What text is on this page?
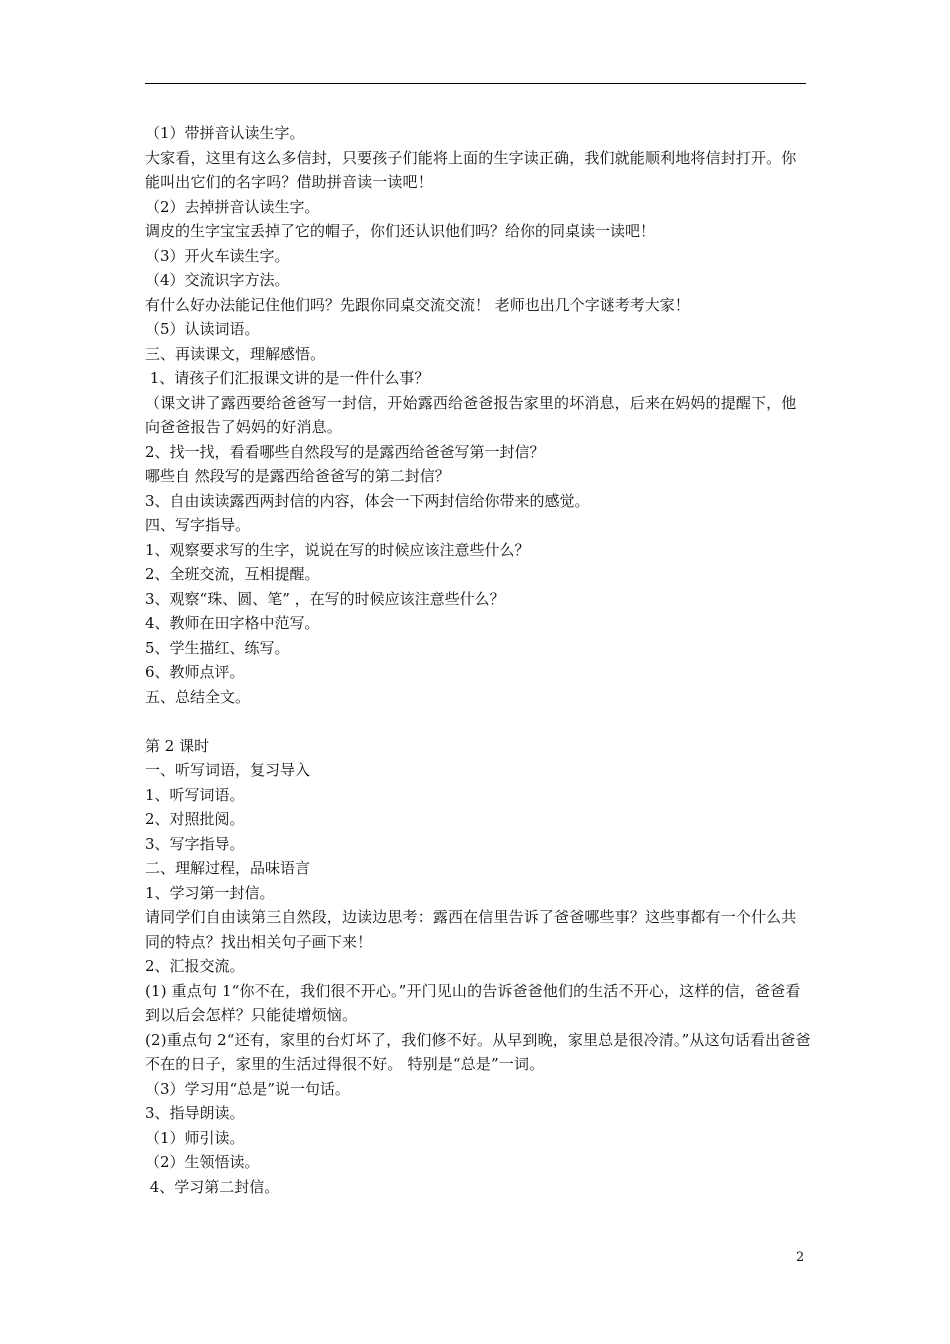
（1）带拼音认读生字。
大家看，这里有这么多信封，只要孩子们能将上面的生字读正确，我们就能顺利地将信封打开。你能叫出它们的名字吗？借助拼音读一读吧！
（2）去掉拼音认读生字。
调皮的生字宝宝丢掉了它的帽子，你们还认识他们吗？给你的同桌读一读吧！
（3）开火车读生字。
（4）交流识字方法。
有什么好办法能记住他们吗？先跟你同桌交流交流！ 老师也出几个字谜考考大家！
（5）认读词语。
三、再读课文，理解感悟。
1、请孩子们汇报课文讲的是一件什么事？
（课文讲了露西要给爸爸写一封信，开始露西给爸爸报告家里的坏消息，后来在妈妈的提醒下，他向爸爸报告了妈妈的好消息。
2、找一找，看看哪些自然段写的是露西给爸爸写第一封信？
哪些自 然段写的是露西给爸爸写的第二封信？
3、自由读读露西两封信的内容，体会一下两封信给你带来的感觉。
四、写字指导。
1、观察要求写的生字，说说在写的时候应该注意些什么？
2、全班交流，互相提醒。
3、观察“珠、圆、笔” ，在写的时候应该注意些什么？
4、教师在田字格中范写。
5、学生描红、练写。
6、教师点评。
五、总结全文。
第 2 课时
一、听写词语，复习导入
1、听写词语。
2、对照批阅。
3、写字指导。
二、理解过程，品味语言
1、学习第一封信。
请同学们自由读第三自然段，边读边思考：露西在信里告诉了爸爸哪些事？这些事都有一个什么共同的特点？找出相关句子画下来！
2、汇报交流。
(1) 重点句 1“你不在，我们很不开心。”开门见山的告诉爸爸他们的生活不开心，这样的信，爸爸看到以后会怎样？只能徒增烦恼。
(2)重点句 2“还有，家里的台灯坏了，我们修不好。从早到晚，家里总是很冷清。”从这句话看出爸爸不在的日子，家里的生活过得很不好。 特别是“总是”一词。
（3）学习用“总是”说一句话。
3、指导朗读。
（1）师引读。
（2）生领悟读。
4、学习第二封信。
2
